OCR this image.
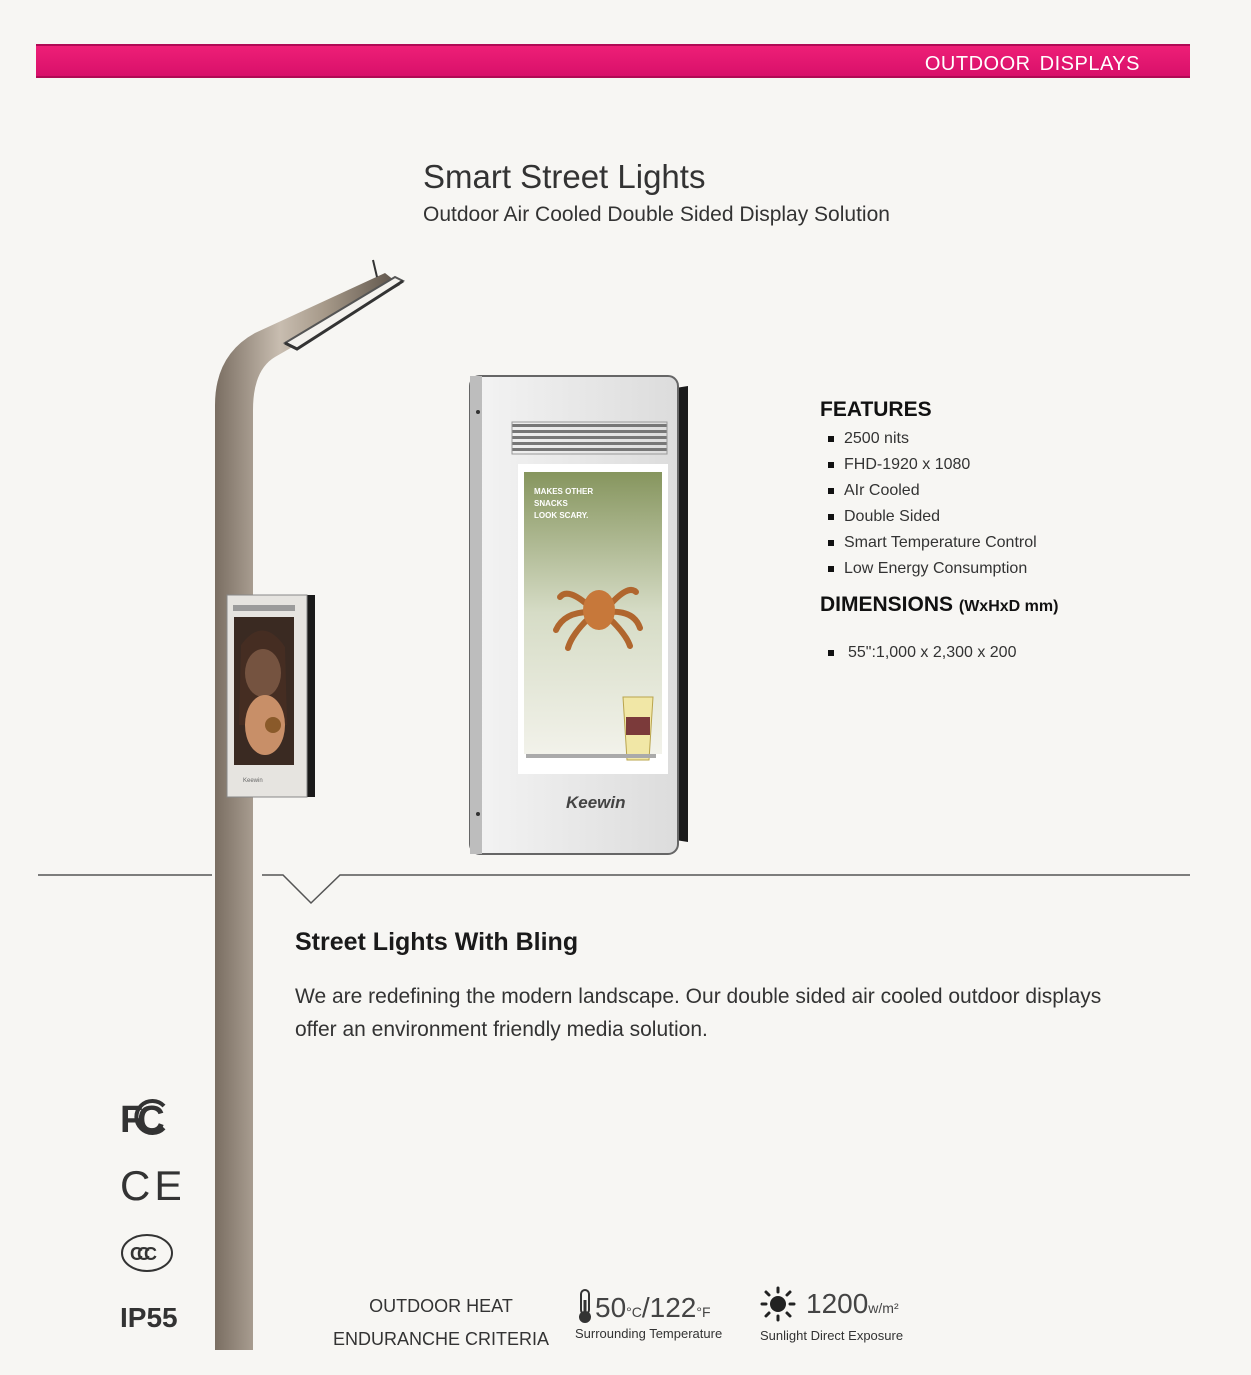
OUTDOOR DISPLAYS
Smart Street Lights
Outdoor Air Cooled Double Sided Display Solution
Keewin
MAKES OTHER
SNACKS
LOOK SCARY.
Keewin
FEATURES
2500 nits
FHD-1920 x 1080
AIr Cooled
Double Sided
Smart Temperature Control
Low Energy Consumption
DIMENSIONS (WxHxD mm)
55":1,000 x 2,300 x 200
Street Lights With Bling

We are redefining the modern landscape. Our double sided air cooled outdoor displays offer an environment friendly media solution.

FC
CE
CCC
IP55	OUTDOOR HEAT
ENDURANCHE CRITERIA
50°C/122°F
Surrounding Temperature
1200w/m²
Sunlight Direct Exposure
